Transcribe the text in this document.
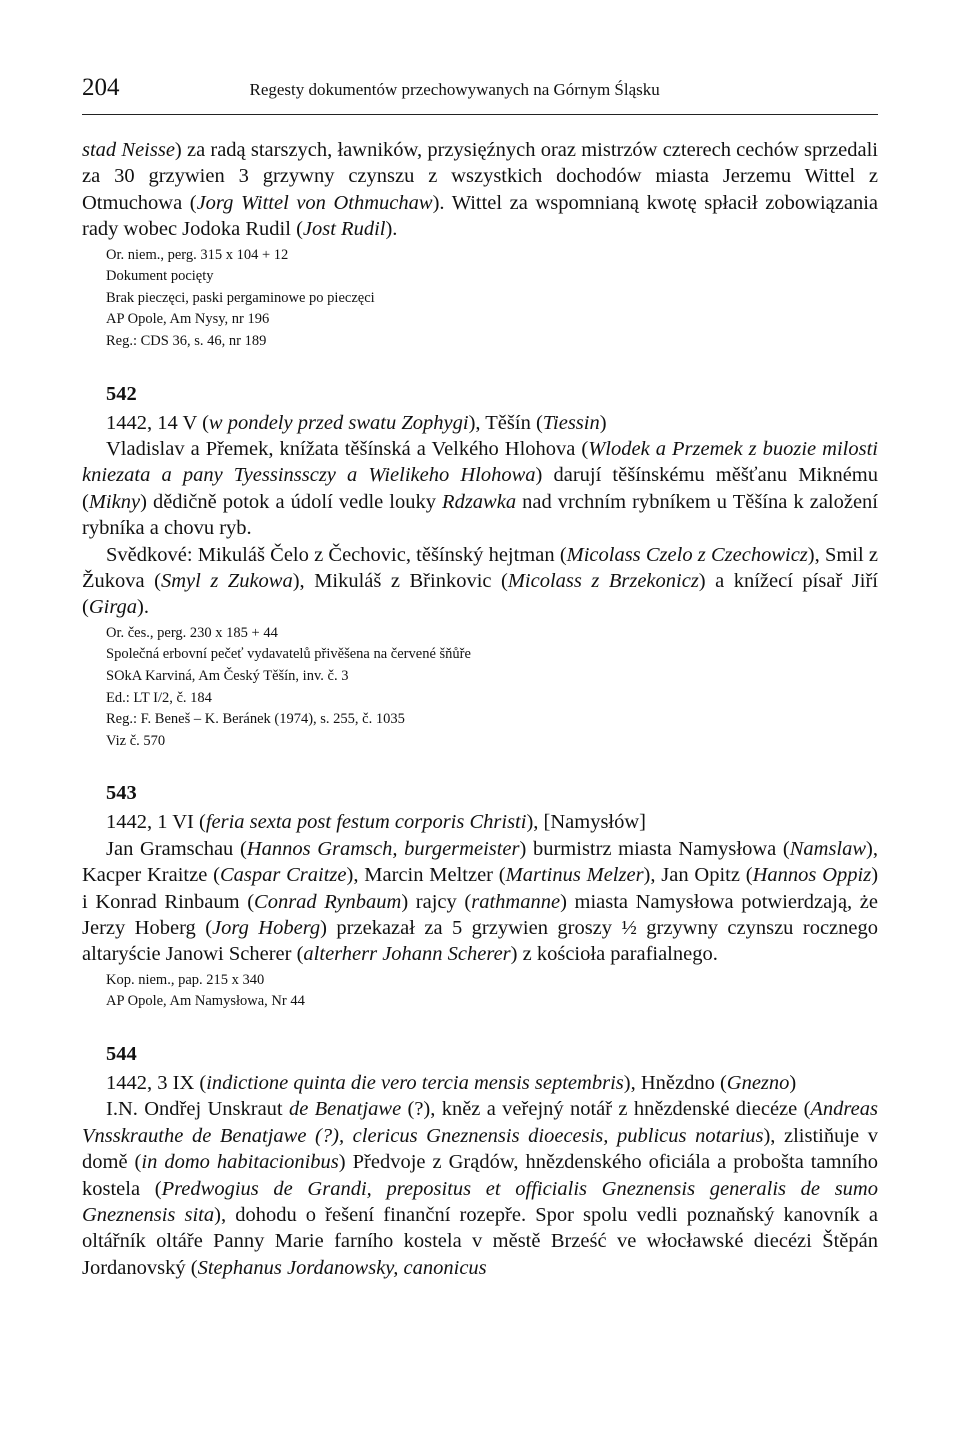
204	Regesty dokumentów przechowywanych na Górnym Śląsku

stad Neisse) za radą starszych, ławników, przysięźnych oraz mistrzów czterech cechów sprzedali za 30 grzywien 3 grzywny czynszu z wszystkich dochodów miasta Jerzemu Wittel z Otmuchowa (Jorg Wittel von Othmuchaw). Wittel za wspomnianą kwotę spłacił zobowiązania rady wobec Jodoka Rudil (Jost Rudil).

Or. niem., perg. 315 x 104 + 12
Dokument pocięty
Brak pieczęci, paski pergaminowe po pieczęci
AP Opole, Am Nysy, nr 196
Reg.: CDS 36, s. 46, nr 189
542

1442, 14 V (w pondely przed swatu Zophygi), Těšín (Tiessin)

Vladislav a Přemek, knížata těšínská a Velkého Hlohova (Wlodek a Przemek z buozie milosti kniezata a pany Tyessinssczy a Wielikeho Hlohowa) darují těšínskému měšťanu Miknému (Mikny) dědičně potok a údolí vedle louky Rdzawka nad vrchním rybníkem u Těšína k založení rybníka a chovu ryb.

Svědkové: Mikuláš Čelo z Čechovic, těšínský hejtman (Micolass Czelo z Czechowicz), Smil z Žukova (Smyl z Zukowa), Mikuláš z Břinkovic (Micolass z Brzekonicz) a knížecí písař Jiří (Girga).

Or. čes., perg. 230 x 185 + 44
Společná erbovní pečeť vydavatelů přivěšena na červené šňůře
SOkA Karviná, Am Český Těšín, inv. č. 3
Ed.: LT I/2, č. 184
Reg.: F. Beneš – K. Beránek (1974), s. 255, č. 1035
Viz č. 570
543

1442, 1 VI (feria sexta post festum corporis Christi), [Namysłów]

Jan Gramschau (Hannos Gramsch, burgermeister) burmistrz miasta Namysłowa (Namslaw), Kacper Kraitze (Caspar Craitze), Marcin Meltzer (Martinus Melzer), Jan Opitz (Hannos Oppiz) i Konrad Rinbaum (Conrad Rynbaum) rajcy (rathmanne) miasta Namysłowa potwierdzają, że Jerzy Hoberg (Jorg Hoberg) przekazał za 5 grzywien groszy ½ grzywny czynszu rocznego altaryście Janowi Scherer (alterherr Johann Scherer) z kościoła parafialnego.

Kop. niem., pap. 215 x 340
AP Opole, Am Namysłowa, Nr 44
544

1442, 3 IX (indictione quinta die vero tercia mensis septembris), Hnězdno (Gnezno)

I.N. Ondřej Unskraut de Benatjawe (?), kněz a veřejný notář z hnězdenské diecéze (Andreas Vnsskrauthe de Benatjawe (?), clericus Gneznensis dioecesis, publicus notarius), zlistiňuje v domě (in domo habitacionibus) Předvoje z Grądów, hnězdenského oficiála a probošta tamního kostela (Predwogius de Grandi, prepositus et officialis Gneznensis generalis de sumo Gneznensis sita), dohodu o řešení finanční rozepře. Spor spolu vedli poznaňský kanovník a oltářník oltáře Panny Marie farního kostela v městě Brześć ve włocławské diecézi Štěpán Jordanovský (Stephanus Jordanowsky, canonicus
